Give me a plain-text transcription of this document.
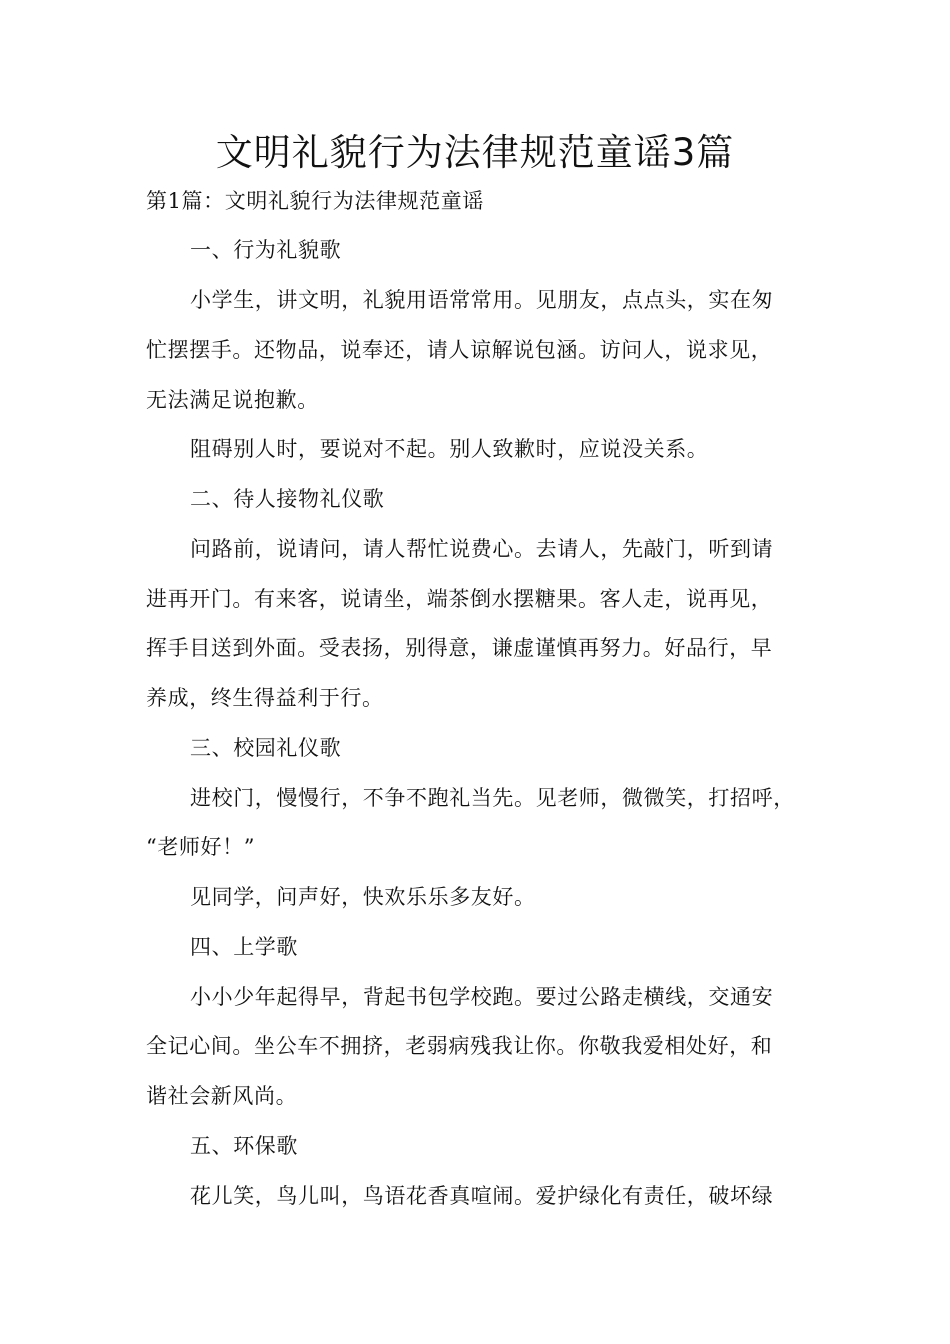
文明礼貌行为法律规范童谣3篇

第1篇：文明礼貌行为法律规范童谣

一、行为礼貌歌

小学生，讲文明，礼貌用语常常用。见朋友，点点头，实在匆

忙摆摆手。还物品，说奉还，请人谅解说包涵。访问人，说求见，

无法满足说抱歉。

阻碍别人时，要说对不起。别人致歉时，应说没关系。

二、待人接物礼仪歌

问路前，说请问，请人帮忙说费心。去请人，先敲门，听到请

进再开门。有来客，说请坐，端茶倒水摆糖果。客人走，说再见，

挥手目送到外面。受表扬，别得意，谦虚谨慎再努力。好品行，早

养成，终生得益利于行。

三、校园礼仪歌

进校门，慢慢行，不争不跑礼当先。见老师，微微笑，打招呼，

“老师好！”

见同学，问声好，快欢乐乐多友好。

四、上学歌

小小少年起得早，背起书包学校跑。要过公路走横线，交通安

全记心间。坐公车不拥挤，老弱病残我让你。你敬我爱相处好，和

谐社会新风尚。

五、环保歌

花儿笑，鸟儿叫，鸟语花香真喧闹。爱护绿化有责任，破坏绿
